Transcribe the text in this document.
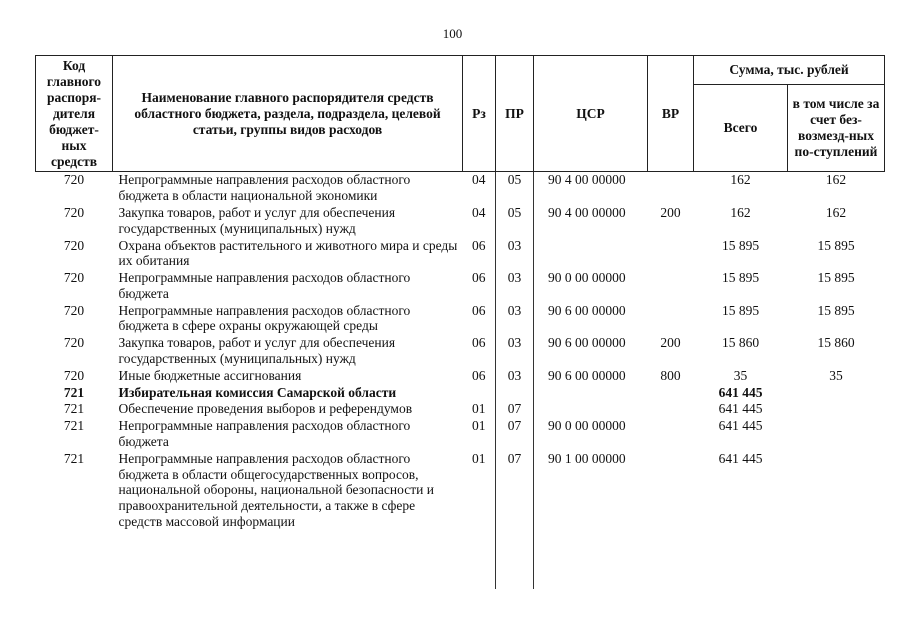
100
Код главного распоря-дителя бюджет-ных средств	Наименование главного распорядителя средств областного бюджета, раздела, подраздела, целевой статьи, группы видов расходов	Рз	ПР	ЦСР	ВР	Сумма, тыс. рублей	
						Всего	в том числе за счет без-возмезд-ных по-ступлений
720	Непрограммные направления расходов областного бюджета в области национальной экономики	04	05	90 4 00 00000		162	162
720	Закупка товаров, работ и услуг для обеспечения государственных (муниципальных) нужд	04	05	90 4 00 00000	200	162	162
720	Охрана объектов растительного и животного мира и среды их обитания	06	03			15 895	15 895
720	Непрограммные направления расходов областного бюджета	06	03	90 0 00 00000		15 895	15 895
720	Непрограммные направления расходов областного бюджета в сфере охраны окружающей среды	06	03	90 6 00 00000		15 895	15 895
720	Закупка товаров, работ и услуг для обеспечения государственных (муниципальных) нужд	06	03	90 6 00 00000	200	15 860	15 860
720	Иные бюджетные ассигнования	06	03	90 6 00 00000	800	35	35
721	Избирательная комиссия Самарской области					641 445	
721	Обеспечение проведения выборов и референдумов	01	07			641 445	
721	Непрограммные направления расходов областного бюджета	01	07	90 0 00 00000		641 445	
721	Непрограммные направления расходов областного бюджета в области общегосударственных вопросов, национальной обороны, национальной безопасности и правоохранительной деятельности, а также в сфере средств массовой информации	01	07	90 1 00 00000		641 445	
